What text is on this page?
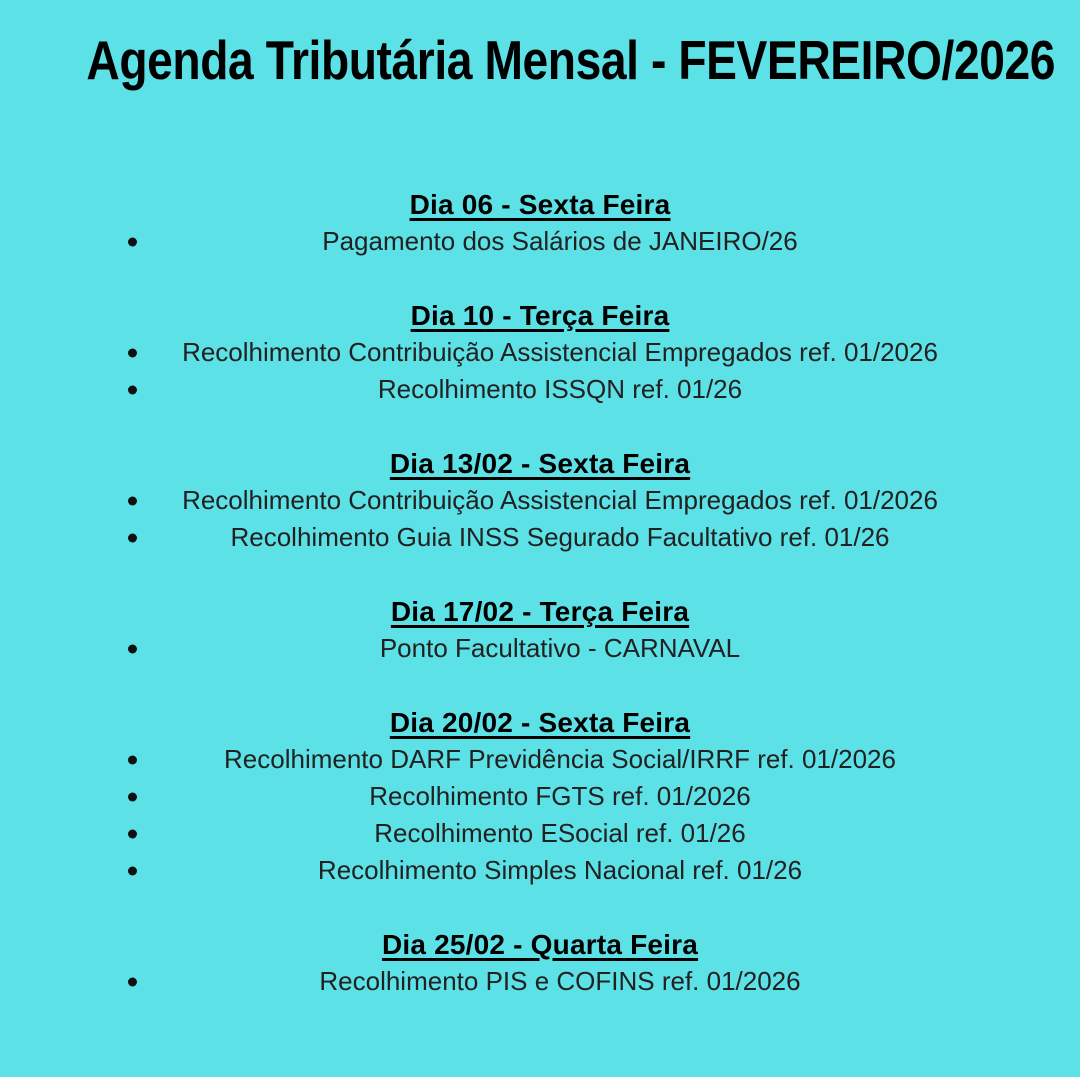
Agenda Tributária Mensal - FEVEREIRO/2026
Dia 06 - Sexta Feira
Pagamento dos Salários de JANEIRO/26
Dia 10 - Terça Feira
Recolhimento Contribuição Assistencial Empregados ref. 01/2026
Recolhimento ISSQN ref. 01/26
Dia 13/02 - Sexta Feira
Recolhimento Contribuição Assistencial Empregados ref. 01/2026
Recolhimento Guia INSS Segurado Facultativo ref. 01/26
Dia 17/02 - Terça Feira
Ponto Facultativo - CARNAVAL
Dia 20/02 - Sexta Feira
Recolhimento DARF Previdência Social/IRRF ref. 01/2026
Recolhimento FGTS ref. 01/2026
Recolhimento ESocial ref. 01/26
Recolhimento Simples Nacional ref. 01/26
Dia 25/02 - Quarta Feira
Recolhimento PIS e COFINS ref. 01/2026
